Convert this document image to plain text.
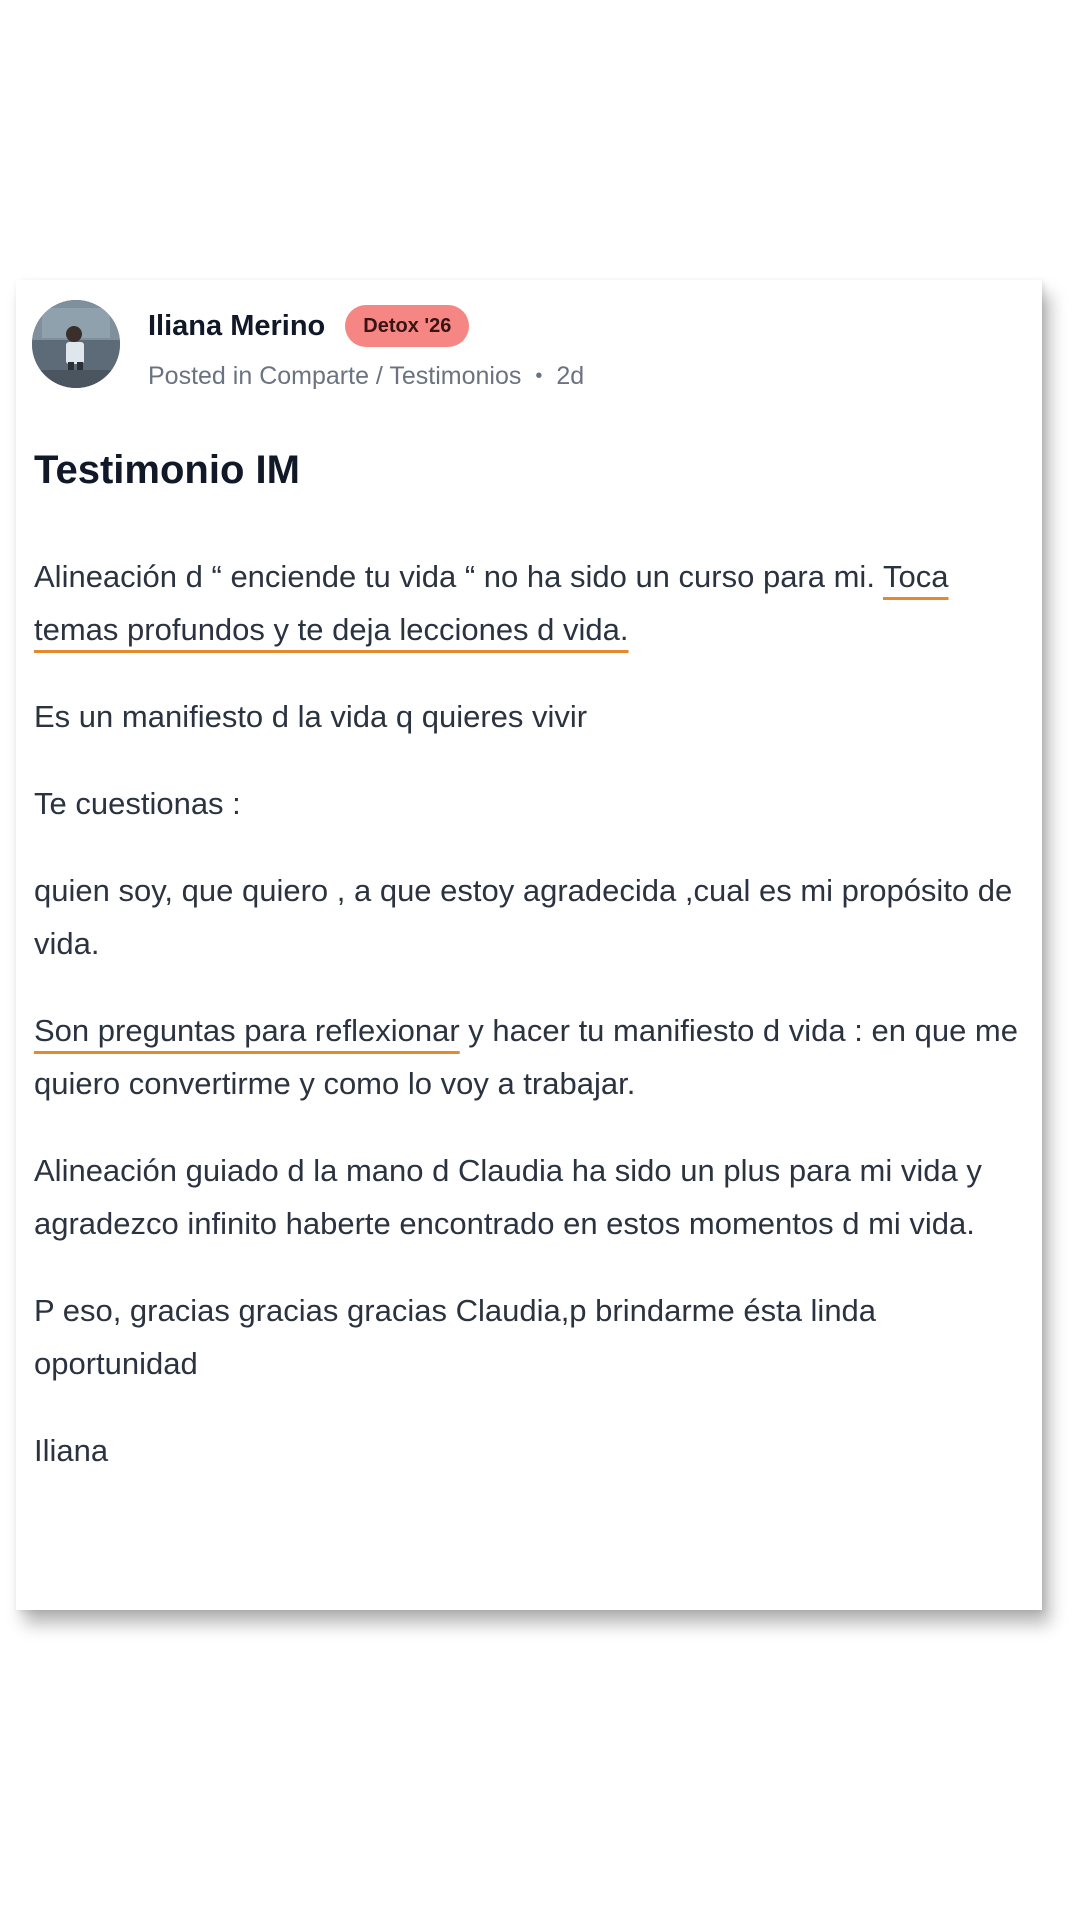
Iliana Merino	Detox '26
Posted in
Comparte / Testimonios • 2d
Testimonio IM

Alineación d “ enciende tu vida “ no ha sido un curso para mi. Toca temas profundos y te deja lecciones d vida.

Es un manifiesto d la vida q quieres vivir

Te cuestionas :

quien soy, que quiero , a que estoy agradecida ,cual es mi propósito de vida.

Son preguntas para reflexionar y hacer tu manifiesto d vida : en que me quiero convertirme y como lo voy a trabajar.

Alineación guiado d la mano d Claudia ha sido un plus para mi vida y agradezco infinito haberte encontrado en estos momentos d mi vida.

P eso, gracias gracias gracias Claudia,p brindarme ésta linda oportunidad

Iliana
